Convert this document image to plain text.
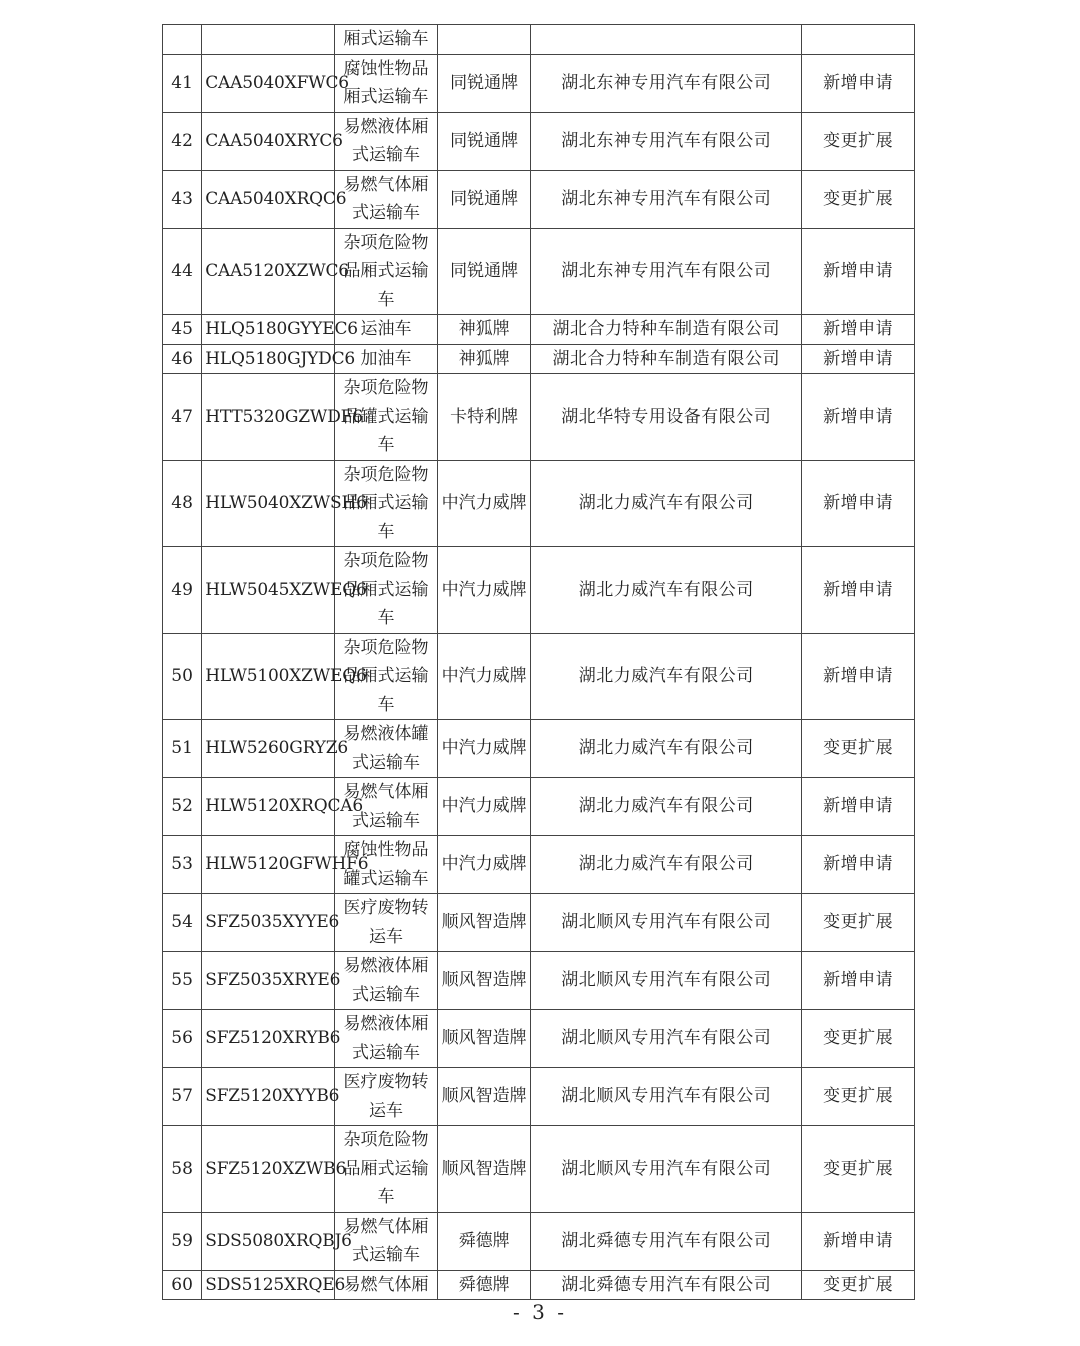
		厢式运输车			

41	CAA5040XFWC6	腐蚀性物品
厢式运输车	同锐通牌	湖北东神专用汽车有限公司	新增申请
42	CAA5040XRYC6	易燃液体厢
式运输车	同锐通牌	湖北东神专用汽车有限公司	变更扩展
43	CAA5040XRQC6	易燃气体厢
式运输车	同锐通牌	湖北东神专用汽车有限公司	变更扩展
44	CAA5120XZWC6	杂项危险物
品厢式运输
车	同锐通牌	湖北东神专用汽车有限公司	新增申请
45	HLQ5180GYYEC6	运油车	神狐牌	湖北合力特种车制造有限公司	新增申请
46	HLQ5180GJYDC6	加油车	神狐牌	湖北合力特种车制造有限公司	新增申请
47	HTT5320GZWDF6	杂项危险物
品罐式运输
车	卡特利牌	湖北华特专用设备有限公司	新增申请
48	HLW5040XZWSH6	杂项危险物
品厢式运输
车	中汽力威牌	湖北力威汽车有限公司	新增申请
49	HLW5045XZWEQ6	杂项危险物
品厢式运输
车	中汽力威牌	湖北力威汽车有限公司	新增申请
50	HLW5100XZWEQ6	杂项危险物
品厢式运输
车	中汽力威牌	湖北力威汽车有限公司	新增申请
51	HLW5260GRYZ6	易燃液体罐
式运输车	中汽力威牌	湖北力威汽车有限公司	变更扩展
52	HLW5120XRQCA6	易燃气体厢
式运输车	中汽力威牌	湖北力威汽车有限公司	新增申请
53	HLW5120GFWHF6	腐蚀性物品
罐式运输车	中汽力威牌	湖北力威汽车有限公司	新增申请
54	SFZ5035XYYE6	医疗废物转
运车	顺风智造牌	湖北顺风专用汽车有限公司	变更扩展
55	SFZ5035XRYE6	易燃液体厢
式运输车	顺风智造牌	湖北顺风专用汽车有限公司	新增申请
56	SFZ5120XRYB6	易燃液体厢
式运输车	顺风智造牌	湖北顺风专用汽车有限公司	变更扩展
57	SFZ5120XYYB6	医疗废物转
运车	顺风智造牌	湖北顺风专用汽车有限公司	变更扩展
58	SFZ5120XZWB6	杂项危险物
品厢式运输
车	顺风智造牌	湖北顺风专用汽车有限公司	变更扩展
59	SDS5080XRQBJ6	易燃气体厢
式运输车	舜德牌	湖北舜德专用汽车有限公司	新增申请
60	SDS5125XRQE6	易燃气体厢	舜德牌	湖北舜德专用汽车有限公司	变更扩展
- 3 -
